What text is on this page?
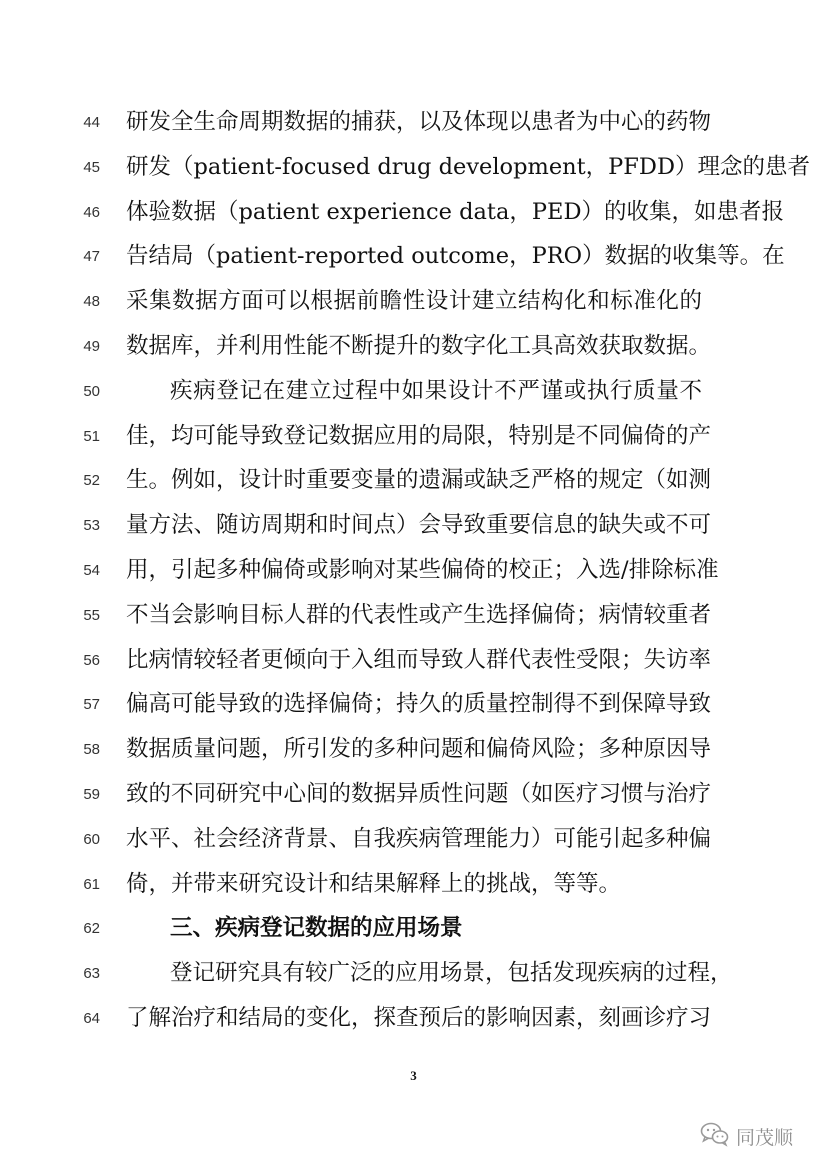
44 研发全生命周期数据的捕获，以及体现以患者为中心的药物
45 研发（patient-focused drug development，PFDD）理念的患者
46 体验数据（patient experience data，PED）的收集，如患者报
47 告结局（patient-reported outcome，PRO）数据的收集等。在
48 采集数据方面可以根据前瞻性设计建立结构化和标准化的
49 数据库，并利用性能不断提升的数字化工具高效获取数据。
50	疾病登记在建立过程中如果设计不严谨或执行质量不
51 佳，均可能导致登记数据应用的局限，特别是不同偏倚的产
52 生。例如，设计时重要变量的遗漏或缺乏严格的规定（如测
53 量方法、随访周期和时间点）会导致重要信息的缺失或不可
54 用，引起多种偏倚或影响对某些偏倚的校正；入选/排除标准
55 不当会影响目标人群的代表性或产生选择偏倚；病情较重者
56 比病情较轻者更倾向于入组而导致人群代表性受限；失访率
57 偏高可能导致的选择偏倚；持久的质量控制得不到保障导致
58 数据质量问题，所引发的多种问题和偏倚风险；多种原因导
59 致的不同研究中心间的数据异质性问题（如医疗习惯与治疗
60 水平、社会经济背景、自我疾病管理能力）可能引起多种偏
61 倚，并带来研究设计和结果解释上的挑战，等等。
62	三、疾病登记数据的应用场景
63	登记研究具有较广泛的应用场景，包括发现疾病的过程，
64 了解治疗和结局的变化，探查预后的影响因素，刻画诊疗习
3
同茂顺
